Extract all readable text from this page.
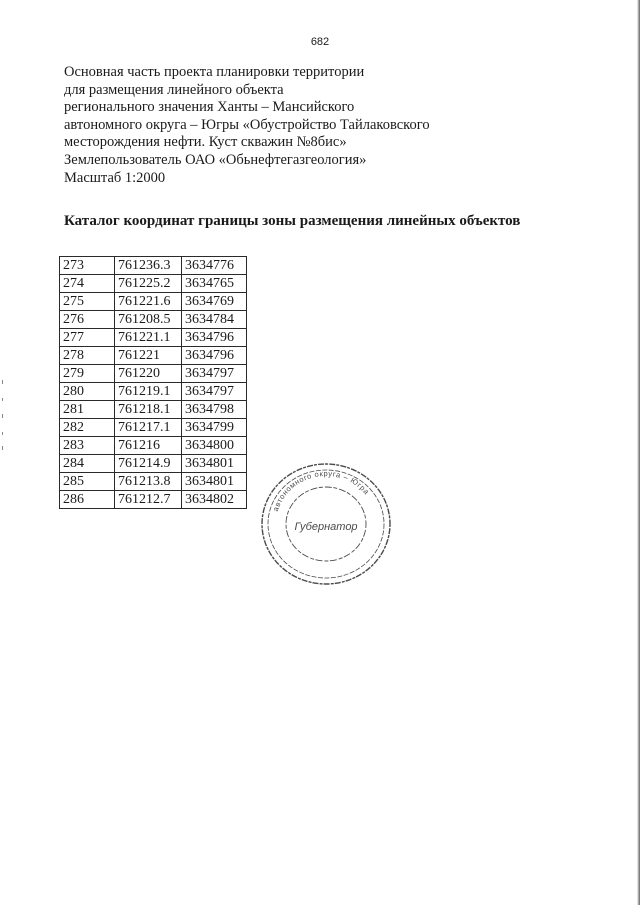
682
Основная часть проекта планировки территории
для размещения линейного объекта
регионального значения Ханты – Мансийского
автономного округа – Югры «Обустройство Тайлаковского
месторождения нефти. Куст скважин №8бис»
Землепользователь ОАО «Обьнефтегазгеология»
Масштаб 1:2000
Каталог координат границы зоны размещения линейных объектов
273	761236.3	3634776
274	761225.2	3634765
275	761221.6	3634769
276	761208.5	3634784
277	761221.1	3634796
278	761221	3634796
279	761220	3634797
280	761219.1	3634797
281	761218.1	3634798
282	761217.1	3634799
283	761216	3634800
284	761214.9	3634801
285	761213.8	3634801
286	761212.7	3634802
автономного округа – Югра
Губернатор
